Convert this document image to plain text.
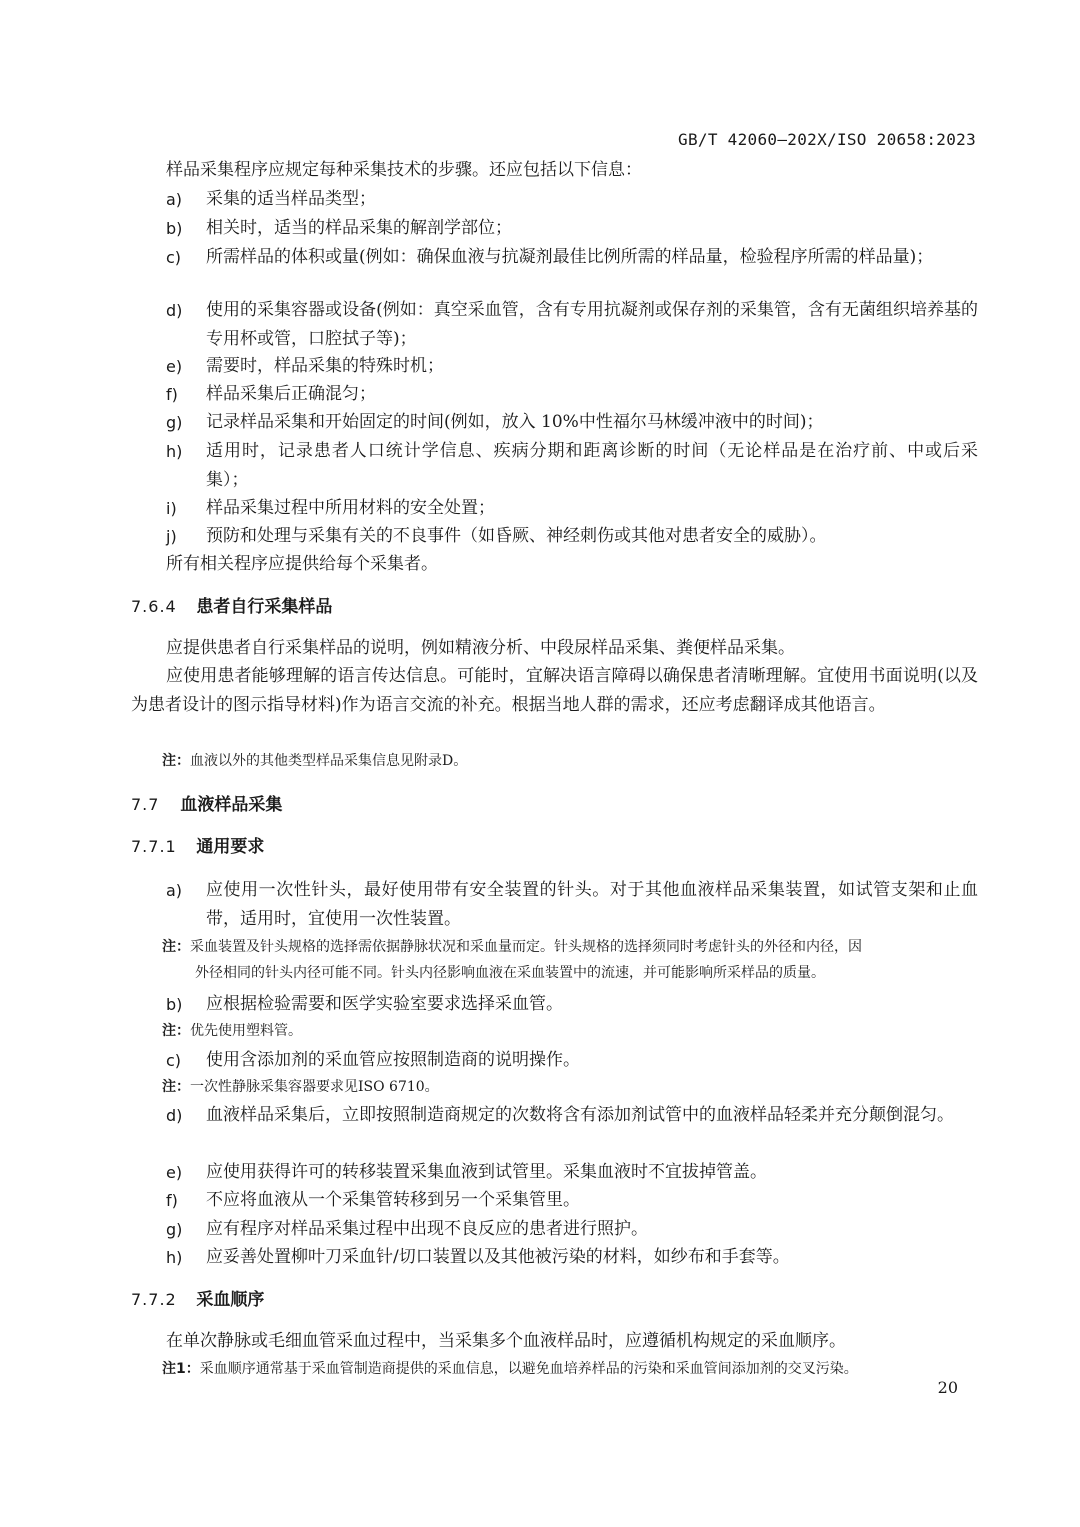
GB/T 42060—202X/ISO 20658:2023
样品采集程序应规定每种采集技术的步骤。还应包括以下信息：
a)	采集的适当样品类型；
b)	相关时，适当的样品采集的解剖学部位；
c)	所需样品的体积或量(例如：确保血液与抗凝剂最佳比例所需的样品量，检验程序所需的样品量)；
d)	使用的采集容器或设备(例如：真空采血管，含有专用抗凝剂或保存剂的采集管，含有无菌组织培养基的专用杯或管，口腔拭子等)；
e)	需要时，样品采集的特殊时机；
f)	样品采集后正确混匀；
g)	记录样品采集和开始固定的时间(例如，放入 10%中性福尔马林缓冲液中的时间)；
h)	适用时，记录患者人口统计学信息、疾病分期和距离诊断的时间（无论样品是在治疗前、中或后采集）；
i)	样品采集过程中所用材料的安全处置；
j)	预防和处理与采集有关的不良事件（如昏厥、神经刺伤或其他对患者安全的威胁）。
所有相关程序应提供给每个采集者。
7.6.4 患者自行采集样品
应提供患者自行采集样品的说明，例如精液分析、中段尿样品采集、粪便样品采集。
应使用患者能够理解的语言传达信息。可能时，宜解决语言障碍以确保患者清晰理解。宜使用书面说明(以及为患者设计的图示指导材料)作为语言交流的补充。根据当地人群的需求，还应考虑翻译成其他语言。
注：血液以外的其他类型样品采集信息见附录D。
7.7 血液样品采集
7.7.1 通用要求
a)	应使用一次性针头，最好使用带有安全装置的针头。对于其他血液样品采集装置，如试管支架和止血带，适用时，宜使用一次性装置。
注：采血装置及针头规格的选择需依据静脉状况和采血量而定。针头规格的选择须同时考虑针头的外径和内径，因
外径相同的针头内径可能不同。针头内径影响血液在采血装置中的流速，并可能影响所采样品的质量。
b)	应根据检验需要和医学实验室要求选择采血管。
注：优先使用塑料管。
c)	使用含添加剂的采血管应按照制造商的说明操作。
注：一次性静脉采集容器要求见ISO 6710。
d)	血液样品采集后，立即按照制造商规定的次数将含有添加剂试管中的血液样品轻柔并充分颠倒混匀。
e)	应使用获得许可的转移装置采集血液到试管里。采集血液时不宜拔掉管盖。
f)	不应将血液从一个采集管转移到另一个采集管里。
g)	应有程序对样品采集过程中出现不良反应的患者进行照护。
h)	应妥善处置柳叶刀采血针/切口装置以及其他被污染的材料，如纱布和手套等。
7.7.2 采血顺序
在单次静脉或毛细血管采血过程中，当采集多个血液样品时，应遵循机构规定的采血顺序。
注1：采血顺序通常基于采血管制造商提供的采血信息，以避免血培养样品的污染和采血管间添加剂的交叉污染。
20
